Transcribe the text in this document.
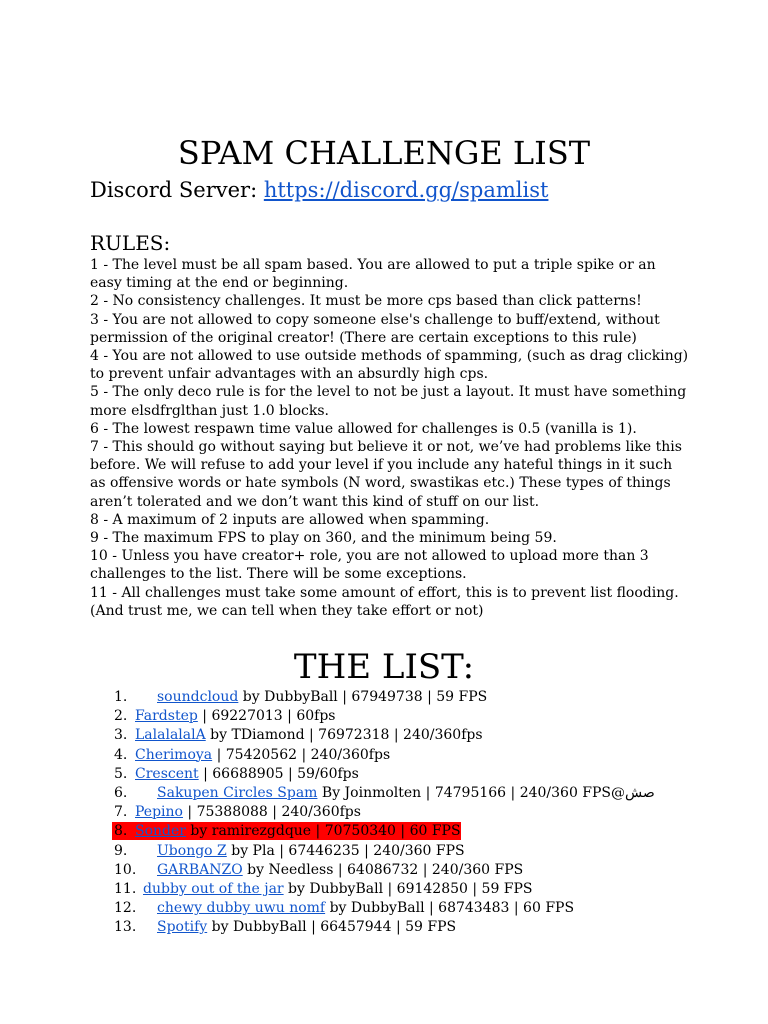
SPAM CHALLENGE LIST
Discord Server: https://discord.gg/spamlist
RULES:

1 - The level must be all spam based. You are allowed to put a triple spike or an easy timing at the end or beginning.

2 - No consistency challenges. It must be more cps based than click patterns!

3 - You are not allowed to copy someone else's challenge to buff/extend, without permission of the original creator! (There are certain exceptions to this rule)

4 - You are not allowed to use outside methods of spamming, (such as drag clicking) to prevent unfair advantages with an absurdly high cps.

5 - The only deco rule is for the level to not be just a layout. It must have something more elsdfrglthan just 1.0 blocks.

6 - The lowest respawn time value allowed for challenges is 0.5 (vanilla is 1).

7 - This should go without saying but believe it or not, we’ve had problems like this before. We will refuse to add your level if you include any hateful things in it such as offensive words or hate symbols (N word, swastikas etc.) These types of things aren’t tolerated and we don’t want this kind of stuff on our list.

8 - A maximum of 2 inputs are allowed when spamming.

9 - The maximum FPS to play on 360, and the minimum being 59.

10 - Unless you have creator+ role, you are not allowed to upload more than 3 challenges to the list. There will be some exceptions.

11 - All challenges must take some amount of effort, this is to prevent list flooding. (And trust me, we can tell when they take effort or not)

THE LIST:
1. soundcloud by DubbyBall | 67949738 | 59 FPS
2. Fardstep | 69227013 | 60fps
3. LalalalalA by TDiamond | 76972318 | 240/360fps
4. Cherimoya | 75420562 | 240/360fps
5. Crescent | 66688905 | 59/60fps
6. Sakupen Circles Spam By Joinmolten | 74795166 | 240/360 FPS@صش
7. Pepino | 75388088 | 240/360fps
8. Sonder by ramirezgdque | 70750340 | 60 FPS
9. Ubongo Z by Pla | 67446235 | 240/360 FPS
10. GARBANZO by Needless | 64086732 | 240/360 FPS
11. dubby out of the jar by DubbyBall | 69142850 | 59 FPS
12. chewy dubby uwu nomf by DubbyBall | 68743483 | 60 FPS
13. Spotify by DubbyBall | 66457944 | 59 FPS
